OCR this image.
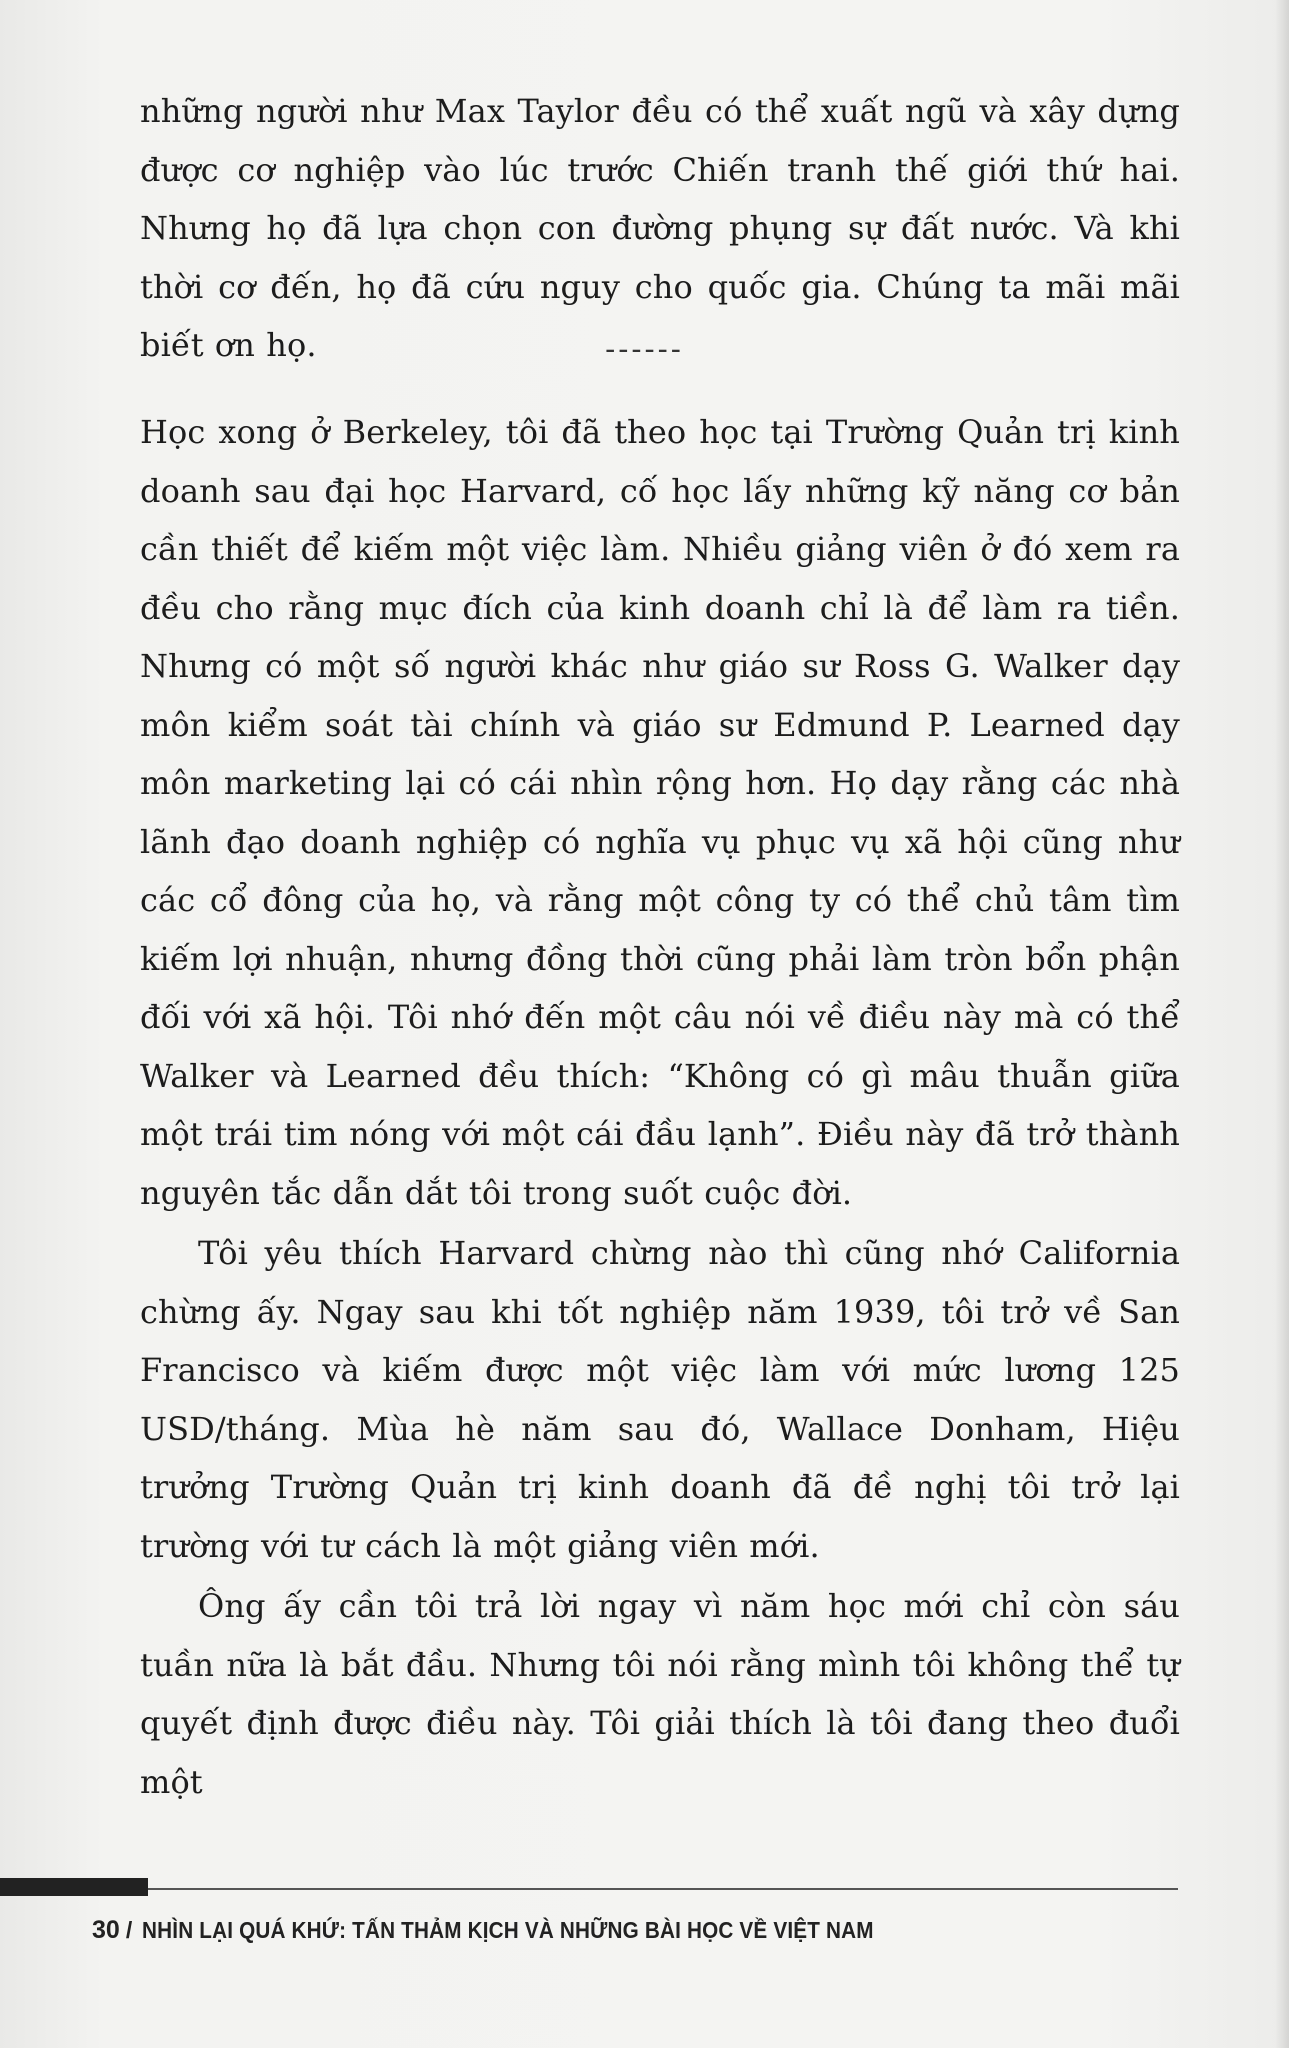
những người như Max Taylor đều có thể xuất ngũ và xây dựng được cơ nghiệp vào lúc trước Chiến tranh thế giới thứ hai. Nhưng họ đã lựa chọn con đường phụng sự đất nước. Và khi thời cơ đến, họ đã cứu nguy cho quốc gia. Chúng ta mãi mãi biết ơn họ.	------

Học xong ở Berkeley, tôi đã theo học tại Trường Quản trị kinh doanh sau đại học Harvard, cố học lấy những kỹ năng cơ bản cần thiết để kiếm một việc làm. Nhiều giảng viên ở đó xem ra đều cho rằng mục đích của kinh doanh chỉ là để làm ra tiền. Nhưng có một số người khác như giáo sư Ross G. Walker dạy môn kiểm soát tài chính và giáo sư Edmund P. Learned dạy môn marketing lại có cái nhìn rộng hơn. Họ dạy rằng các nhà lãnh đạo doanh nghiệp có nghĩa vụ phục vụ xã hội cũng như các cổ đông của họ, và rằng một công ty có thể chủ tâm tìm kiếm lợi nhuận, nhưng đồng thời cũng phải làm tròn bổn phận đối với xã hội. Tôi nhớ đến một câu nói về điều này mà có thể Walker và Learned đều thích: “Không có gì mâu thuẫn giữa một trái tim nóng với một cái đầu lạnh”. Điều này đã trở thành nguyên tắc dẫn dắt tôi trong suốt cuộc đời.

Tôi yêu thích Harvard chừng nào thì cũng nhớ California chừng ấy. Ngay sau khi tốt nghiệp năm 1939, tôi trở về San Francisco và kiếm được một việc làm với mức lương 125 USD/tháng. Mùa hè năm sau đó, Wallace Donham, Hiệu trưởng Trường Quản trị kinh doanh đã đề nghị tôi trở lại trường với tư cách là một giảng viên mới.

Ông ấy cần tôi trả lời ngay vì năm học mới chỉ còn sáu tuần nữa là bắt đầu. Nhưng tôi nói rằng mình tôi không thể tự quyết định được điều này. Tôi giải thích là tôi đang theo đuổi một

30 / NHÌN LẠI QUÁ KHỨ: TẤN THẢM KỊCH VÀ NHỮNG BÀI HỌC VỀ VIỆT NAM
